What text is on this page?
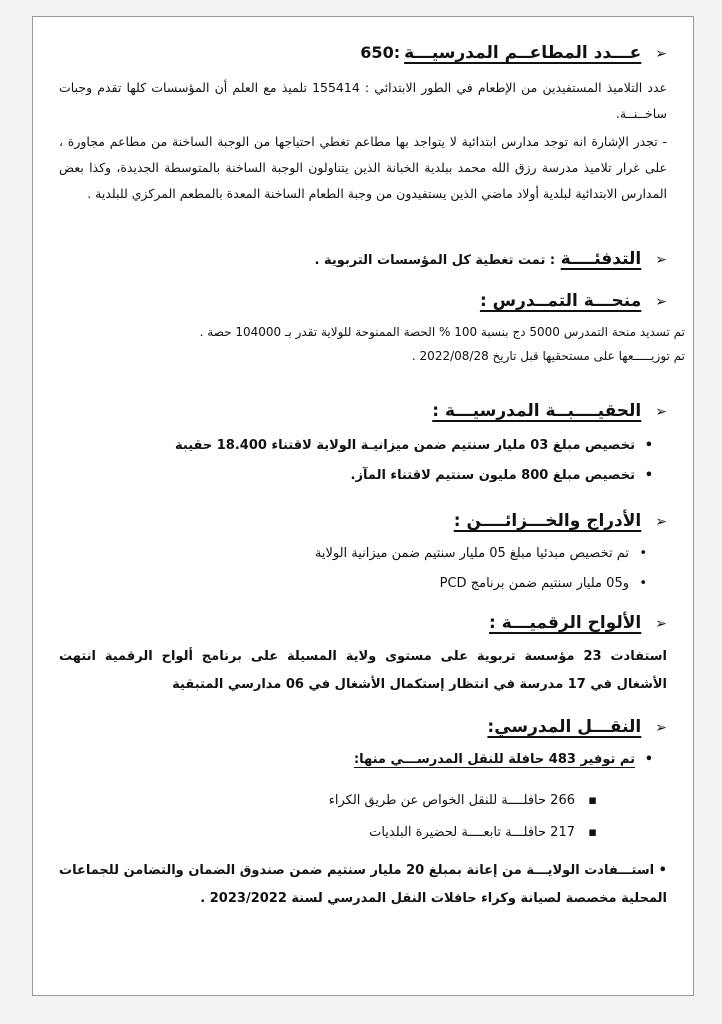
➢عـــدد المطاعــم المدرسيـــة:650
عدد التلاميذ المستفيدين من الإطعام في الطور الابتدائي : 155414 تلميذ مع العلم أن المؤسسات كلها تقدم وجبات ساخــنــة.
- تجدر الإشارة انه توجد مدارس ابتدائية لا يتواجد بها مطاعم تغطي احتياجها من الوجبة الساخنة من مطاعم مجاورة ، على غرار تلاميذ مدرسة رزق الله محمد ببلدية الخبانة الذين يتناولون الوجبة الساخنة بالمتوسطة الجديدة، وكذا بعض المدارس الابتدائية لبلدية أولاد ماضي الذين يستفيدون من وجبة الطعام الساخنة المعدة بالمطعم المركزي للبلدية .
➢التدفئــــة : تمت تغطية كل المؤسسات التربوية .
➢منحـــة التمــدرس :
تم تسديد منحة التمدرس 5000 دج بنسبة 100 % الحصة الممنوحة للولاية تقدر بـ 104000 حصة .
تم توزيـــــعها على مستحقيها قبل تاريخ 2022/08/28 .
➢الحقيــــبــة المدرسيـــة :
•تخصيص مبلغ 03 مليار سنتيم ضمن ميزانيـة الولاية لاقتناء 18.400 حقيبة
•تخصيص مبلغ 800 مليون سنتيم لاقتناء المآز.
➢الأدراج والخـــزائــــن :
•تم تخصيص مبدئيا مبلغ 05 مليار سنتيم ضمن ميزانية الولاية
•و05 مليار سنتيم ضمن برنامج PCD
➢الألواح الرقميـــة :
استفادت 23 مؤسسة تربوية على مستوى ولاية المسيلة على برنامج ألواح الرقمية انتهت الأشغال في 17 مدرسة في انتظار إستكمال الأشغال في 06 مدارسي المتبقية
➢النقـــل المدرسي:
•تم توفير 483 حافلة للنقل المدرســـي منها:
▪266 حافلــــة للنقل الخواص عن طريق الكراء
▪217 حافلـــة تابعــــة لحضيرة البلديات
• استـــفادت الولايـــة من إعانة بمبلغ 20 مليار سنتيم ضمن صندوق الضمان والتضامن للجماعات المحلية مخصصة لصيانة وكراء حافلات النقل المدرسي لسنة 2023/2022 .
